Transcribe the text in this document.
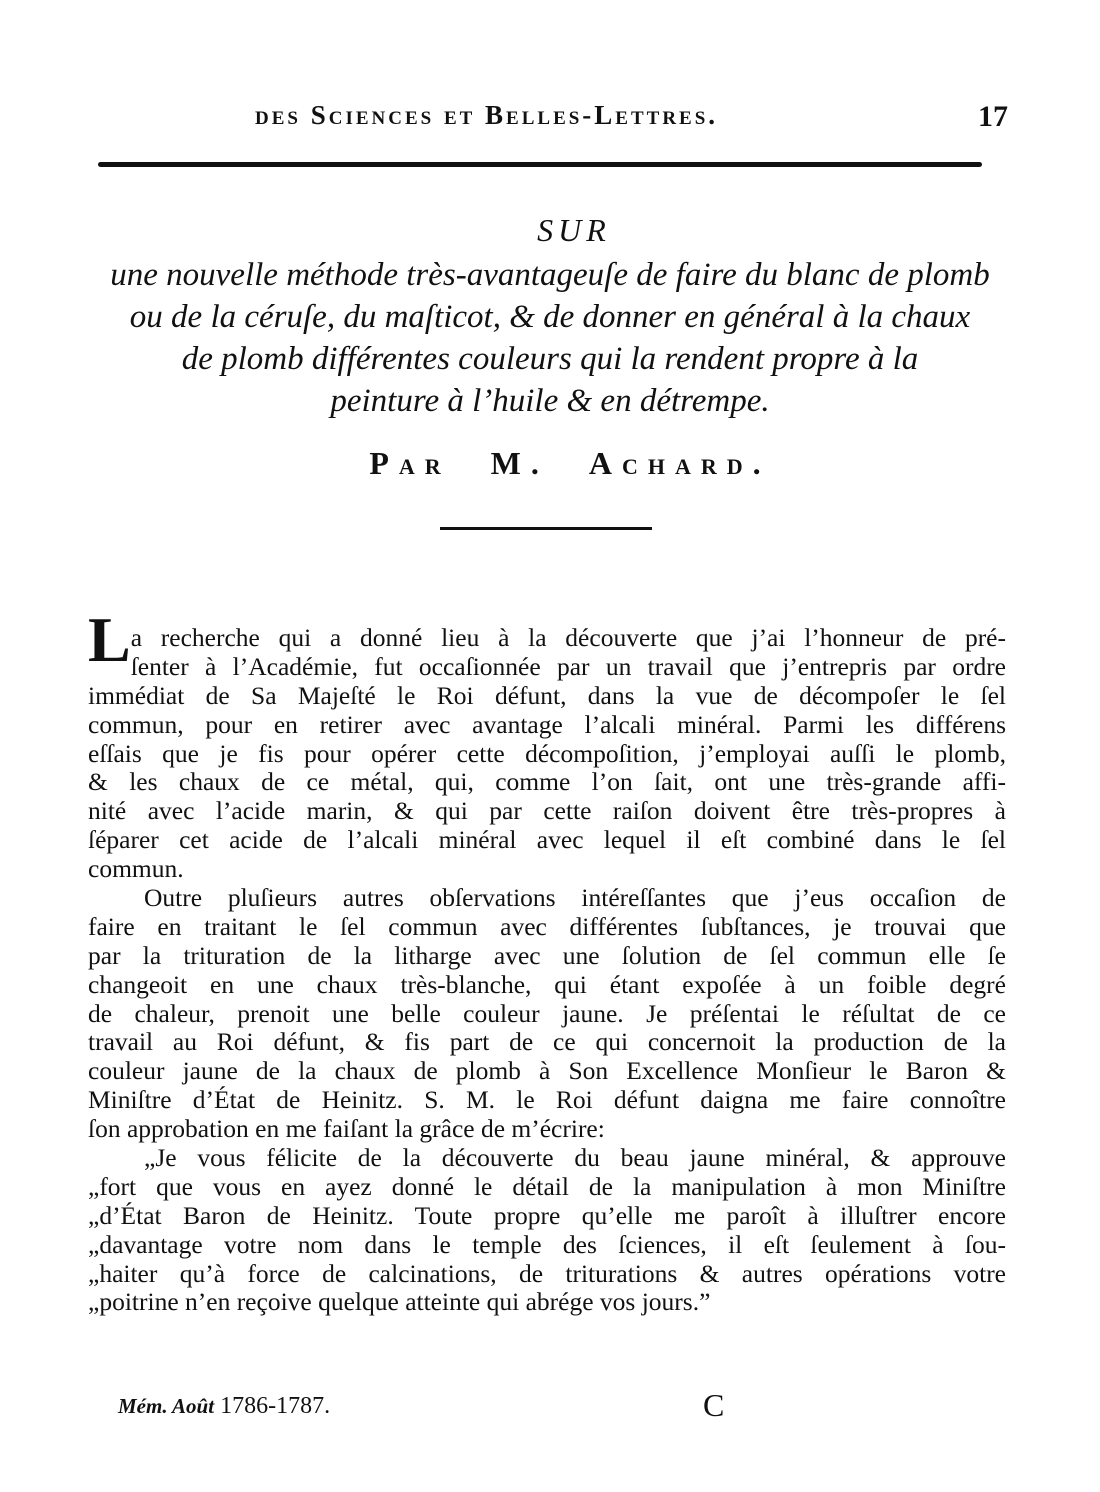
des Sciences et Belles-Lettres.	17
SUR
une nouvelle méthode très-avantageuſe de faire du blanc de plomb
ou de la céruſe, du maſticot, & de donner en général à la chaux
de plomb différentes couleurs qui la rendent propre à la
peinture à l’huile & en détrempe.
Par M. Achard.
La recherche qui a donné lieu à la découverte que j’ai l’honneur de pré-
ſenter à l’Académie, fut occaſionnée par un travail que j’entrepris par ordre
immédiat de Sa Majeſté le Roi défunt, dans la vue de décompoſer le ſel
commun, pour en retirer avec avantage l’alcali minéral. Parmi les différens
eſſais que je fis pour opérer cette décompoſition, j’employai auſſi le plomb,
& les chaux de ce métal, qui, comme l’on ſait, ont une très-grande affi-
nité avec l’acide marin, & qui par cette raiſon doivent être très-propres à
ſéparer cet acide de l’alcali minéral avec lequel il eſt combiné dans le ſel
commun.
Outre pluſieurs autres obſervations intéreſſantes que j’eus occaſion de
faire en traitant le ſel commun avec différentes ſubſtances, je trouvai que
par la trituration de la litharge avec une ſolution de ſel commun elle ſe
changeoit en une chaux très-blanche, qui étant expoſée à un foible degré
de chaleur, prenoit une belle couleur jaune. Je préſentai le réſultat de ce
travail au Roi défunt, & fis part de ce qui concernoit la production de la
couleur jaune de la chaux de plomb à Son Excellence Monſieur le Baron &
Miniſtre d’État de Heinitz. S. M. le Roi défunt daigna me faire connoître
ſon approbation en me faiſant la grâce de m’écrire:
„Je vous félicite de la découverte du beau jaune minéral, & approuve
„fort que vous en ayez donné le détail de la manipulation à mon Miniſtre
„d’État Baron de Heinitz. Toute propre qu’elle me paroît à illuſtrer encore
„davantage votre nom dans le temple des ſciences, il eſt ſeulement à ſou-
„haiter qu’à force de calcinations, de triturations & autres opérations votre
„poitrine n’en reçoive quelque atteinte qui abrége vos jours.”
Mém. Août 1786-1787.	C
